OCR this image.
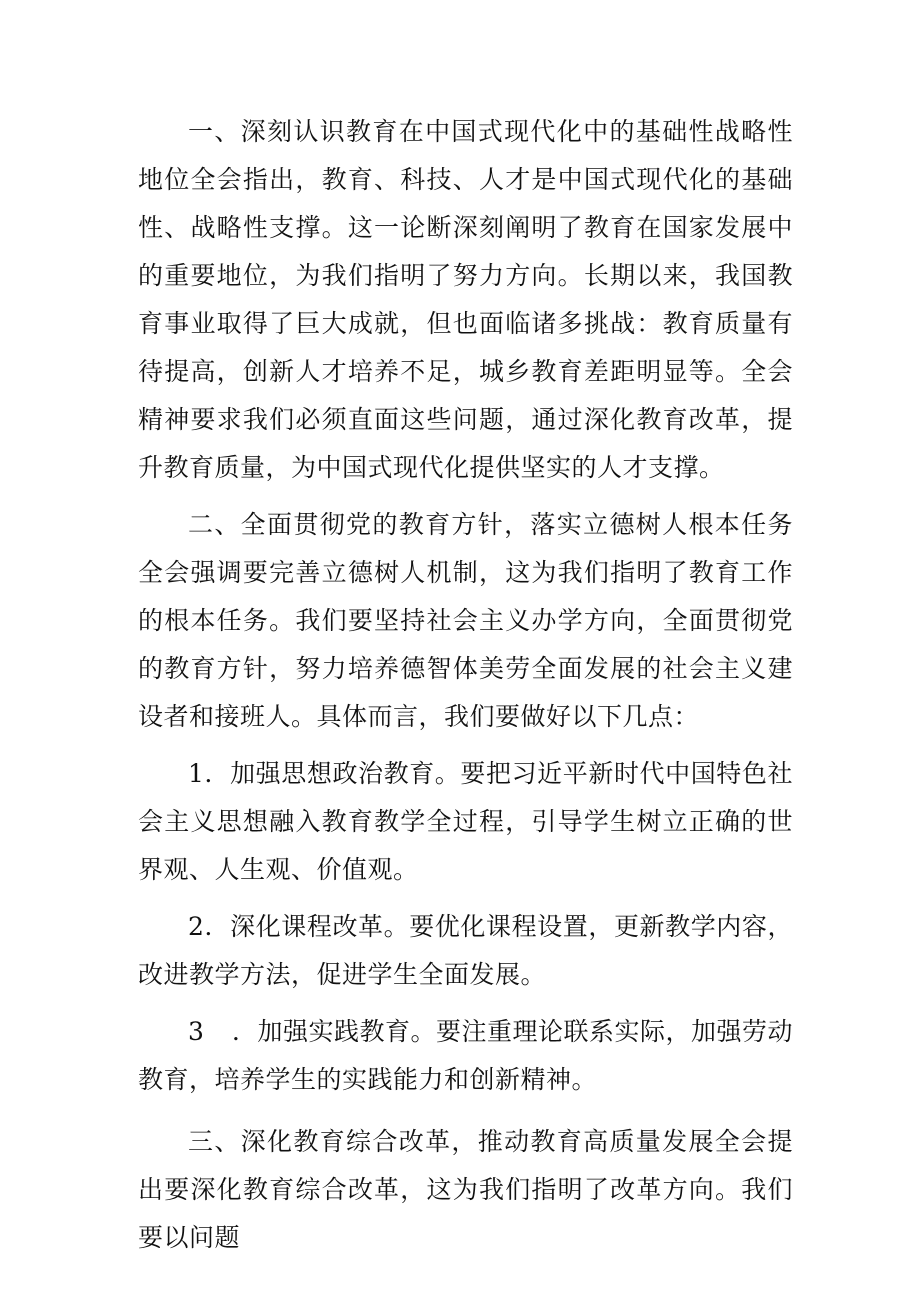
一、深刻认识教育在中国式现代化中的基础性战略性地位全会指出，教育、科技、人才是中国式现代化的基础性、战略性支撑。这一论断深刻阐明了教育在国家发展中的重要地位，为我们指明了努力方向。长期以来，我国教育事业取得了巨大成就，但也面临诸多挑战：教育质量有待提高，创新人才培养不足，城乡教育差距明显等。全会精神要求我们必须直面这些问题，通过深化教育改革，提升教育质量，为中国式现代化提供坚实的人才支撑。

二、全面贯彻党的教育方针，落实立德树人根本任务全会强调要完善立德树人机制，这为我们指明了教育工作的根本任务。我们要坚持社会主义办学方向，全面贯彻党的教育方针，努力培养德智体美劳全面发展的社会主义建设者和接班人。具体而言，我们要做好以下几点：

1．加强思想政治教育。要把习近平新时代中国特色社会主义思想融入教育教学全过程，引导学生树立正确的世界观、人生观、价值观。

2．深化课程改革。要优化课程设置，更新教学内容，改进教学方法，促进学生全面发展。

3 ．加强实践教育。要注重理论联系实际，加强劳动教育，培养学生的实践能力和创新精神。

三、深化教育综合改革，推动教育高质量发展全会提出要深化教育综合改革，这为我们指明了改革方向。我们要以问题
